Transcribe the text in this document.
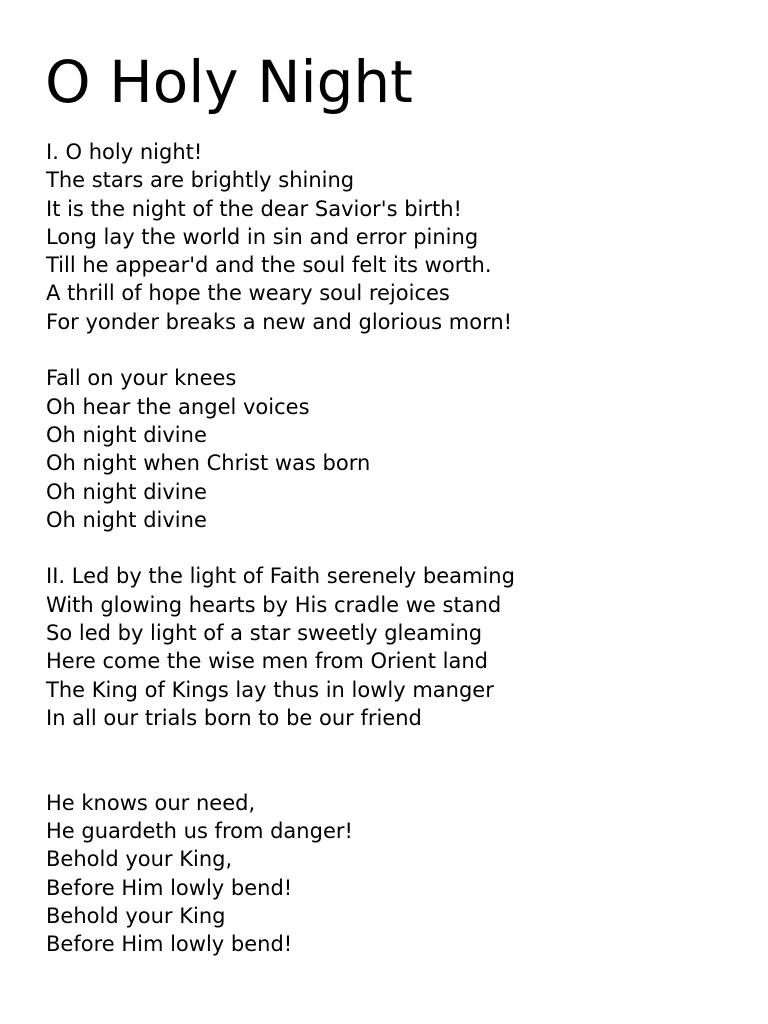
O Holy Night
I. O holy night!
The stars are brightly shining
It is the night of the dear Savior's birth!
Long lay the world in sin and error pining
Till he appear'd and the soul felt its worth.
A thrill of hope the weary soul rejoices
For yonder breaks a new and glorious morn!
Fall on your knees
Oh hear the angel voices
Oh night divine
Oh night when Christ was born
Oh night divine
Oh night divine
II. Led by the light of Faith serenely beaming
With glowing hearts by His cradle we stand
So led by light of a star sweetly gleaming
Here come the wise men from Orient land
The King of Kings lay thus in lowly manger
In all our trials born to be our friend
He knows our need,
He guardeth us from danger!
Behold your King,
Before Him lowly bend!
Behold your King
Before Him lowly bend!
